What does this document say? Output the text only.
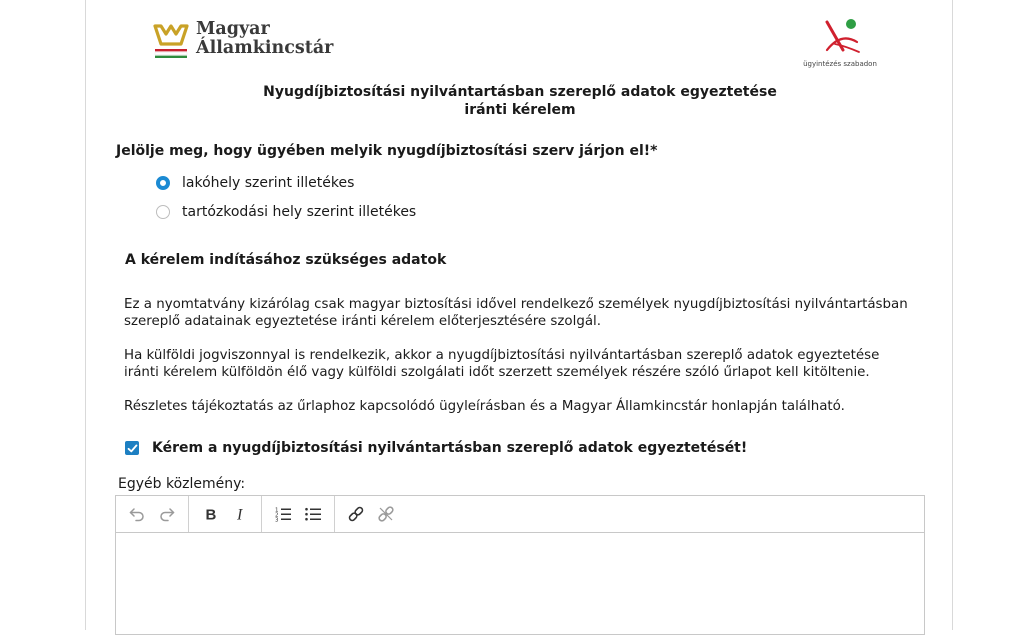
Magyar
Államkincstár
ügyintézés szabadon
Nyugdíjbiztosítási nyilvántartásban szereplő adatok egyeztetése iránti kérelem
Jelölje meg, hogy ügyében melyik nyugdíjbiztosítási szerv járjon el!*
lakóhely szerint illetékes
tartózkodási hely szerint illetékes
A kérelem indításához szükséges adatok
Ez a nyomtatvány kizárólag csak magyar biztosítási idővel rendelkező személyek nyugdíjbiztosítási nyilvántartásban szereplő adatainak egyeztetése iránti kérelem előterjesztésére szolgál.
Ha külföldi jogviszonnyal is rendelkezik, akkor a nyugdíjbiztosítási nyilvántartásban szereplő adatok egyeztetése iránti kérelem külföldön élő vagy külföldi szolgálati időt szerzett személyek részére szóló űrlapot kell kitöltenie.
Részletes tájékoztatás az űrlaphoz kapcsolódó ügyleírásban és a Magyar Államkincstár honlapján található.
Kérem a nyugdíjbiztosítási nyilvántartásban szereplő adatok egyeztetését!
Egyéb közlemény:
B I	1
2
3
